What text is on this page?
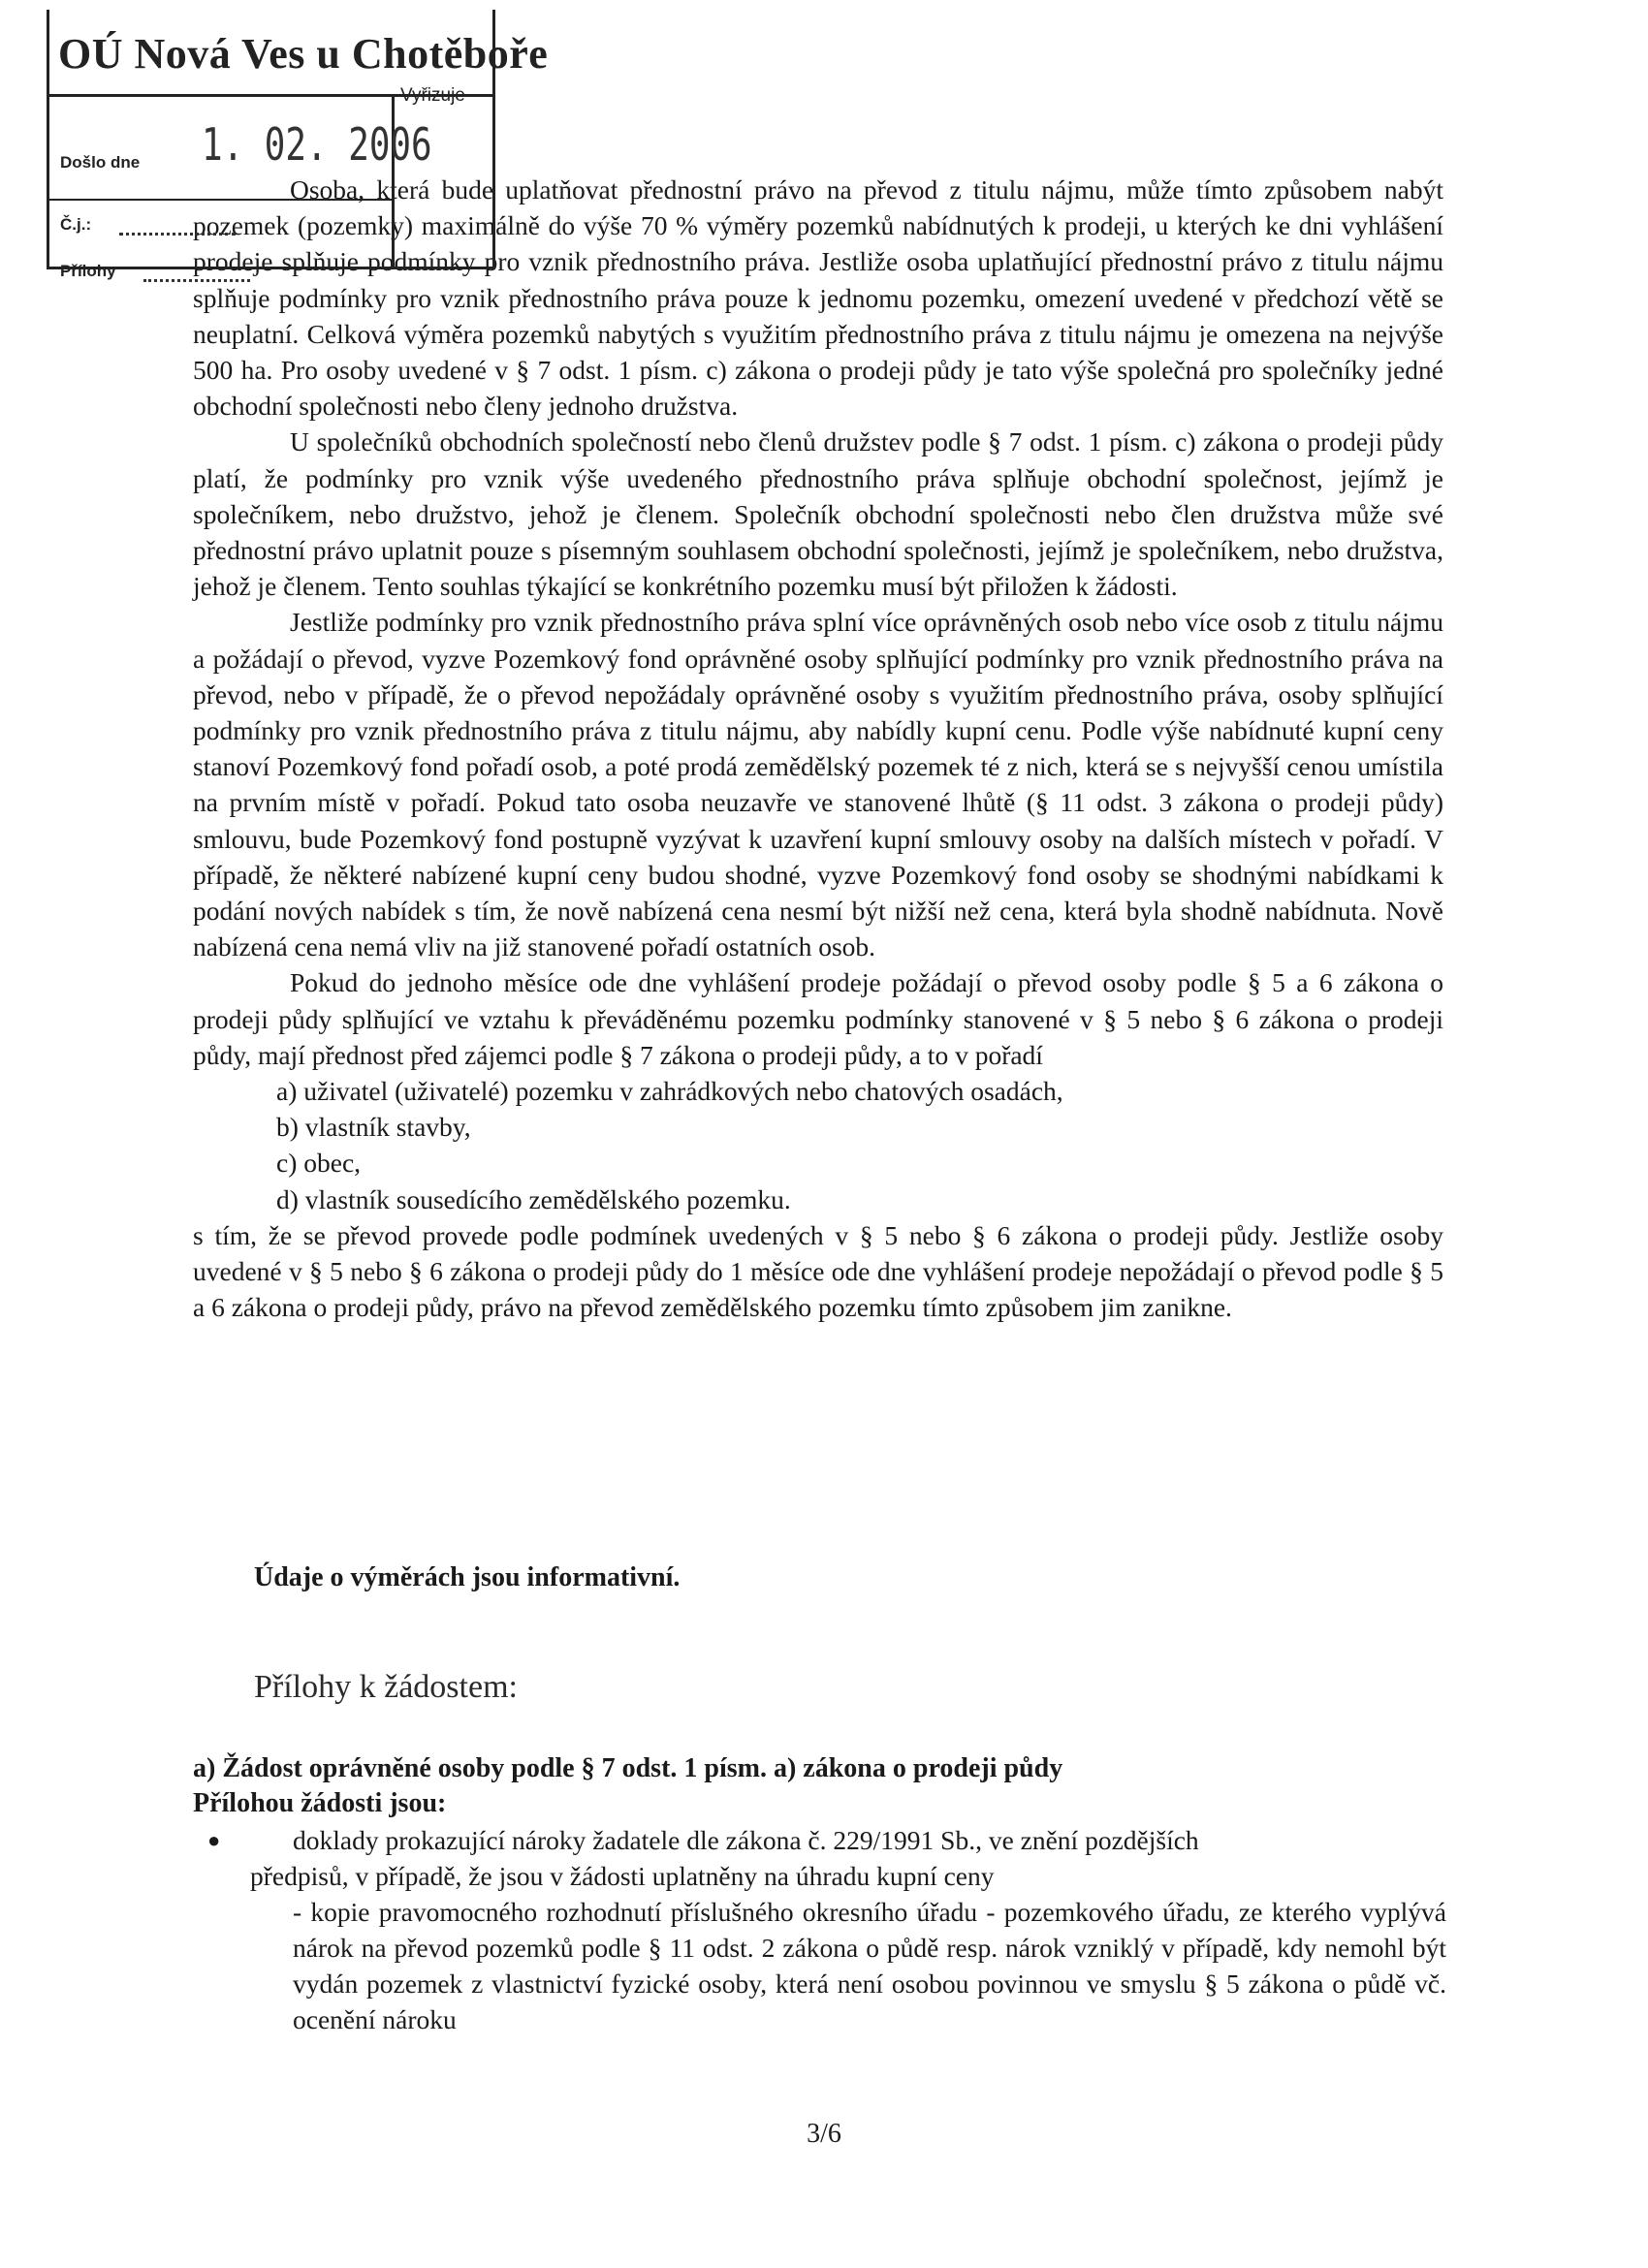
OÚ Nová Ves u Chotěboře
Vyřizuje
Došlo dne 1. 02. 2006
Č.j.:
Přílohy

Osoba, která bude uplatňovat přednostní právo na převod z titulu nájmu, může tímto způsobem nabýt pozemek (pozemky) maximálně do výše 70 % výměry pozemků nabídnutých k prodeji, u kterých ke dni vyhlášení prodeje splňuje podmínky pro vznik přednostního práva. Jestliže osoba uplatňující přednostní právo z titulu nájmu splňuje podmínky pro vznik přednostního práva pouze k jednomu pozemku, omezení uvedené v předchozí větě se neuplatní. Celková výměra pozemků nabytých s využitím přednostního práva z titulu nájmu je omezena na nejvýše 500 ha. Pro osoby uvedené v § 7 odst. 1 písm. c) zákona o prodeji půdy je tato výše společná pro společníky jedné obchodní společnosti nebo členy jednoho družstva.

U společníků obchodních společností nebo členů družstev podle § 7 odst. 1 písm. c) zákona o prodeji půdy platí, že podmínky pro vznik výše uvedeného přednostního práva splňuje obchodní společnost, jejímž je společníkem, nebo družstvo, jehož je členem. Společník obchodní společnosti nebo člen družstva může své přednostní právo uplatnit pouze s písemným souhlasem obchodní společnosti, jejímž je společníkem, nebo družstva, jehož je členem. Tento souhlas týkající se konkrétního pozemku musí být přiložen k žádosti.

Jestliže podmínky pro vznik přednostního práva splní více oprávněných osob nebo více osob z titulu nájmu a požádají o převod, vyzve Pozemkový fond oprávněné osoby splňující podmínky pro vznik přednostního práva na převod, nebo v případě, že o převod nepožádaly oprávněné osoby s využitím přednostního práva, osoby splňující podmínky pro vznik přednostního práva z titulu nájmu, aby nabídly kupní cenu. Podle výše nabídnuté kupní ceny stanoví Pozemkový fond pořadí osob, a poté prodá zemědělský pozemek té z nich, která se s nejvyšší cenou umístila na prvním místě v pořadí. Pokud tato osoba neuzavře ve stanovené lhůtě (§ 11 odst. 3 zákona o prodeji půdy) smlouvu, bude Pozemkový fond postupně vyzývat k uzavření kupní smlouvy osoby na dalších místech v pořadí. V případě, že některé nabízené kupní ceny budou shodné, vyzve Pozemkový fond osoby se shodnými nabídkami k podání nových nabídek s tím, že nově nabízená cena nesmí být nižší než cena, která byla shodně nabídnuta. Nově nabízená cena nemá vliv na již stanovené pořadí ostatních osob.

Pokud do jednoho měsíce ode dne vyhlášení prodeje požádají o převod osoby podle § 5 a 6 zákona o prodeji půdy splňující ve vztahu k převáděnému pozemku podmínky stanovené v § 5 nebo § 6 zákona o prodeji půdy, mají přednost před zájemci podle § 7 zákona o prodeji půdy, a to v pořadí

a) uživatel (uživatelé) pozemku v zahrádkových nebo chatových osadách,

b) vlastník stavby,

c) obec,

d) vlastník sousedícího zemědělského pozemku.

s tím, že se převod provede podle podmínek uvedených v § 5 nebo § 6 zákona o prodeji půdy. Jestliže osoby uvedené v § 5 nebo § 6 zákona o prodeji půdy do 1 měsíce ode dne vyhlášení prodeje nepožádají o převod podle § 5 a 6 zákona o prodeji půdy, právo na převod zemědělského pozemku tímto způsobem jim zanikne.

Údaje o výměrách jsou informativní.
Přílohy k žádostem:
a) Žádost oprávněné osoby podle § 7 odst. 1 písm. a) zákona o prodeji půdy
Přílohou žádosti jsou:
●	doklady prokazující nároky žadatele dle zákona č. 229/1991 Sb., ve znění pozdějších
předpisů, v případě, že jsou v žádosti uplatněny na úhradu kupní ceny
- kopie pravomocného rozhodnutí příslušného okresního úřadu - pozemkového úřadu, ze kterého vyplývá nárok na převod pozemků podle § 11 odst. 2 zákona o půdě resp. nárok vzniklý v případě, kdy nemohl být vydán pozemek z vlastnictví fyzické osoby, která není osobou povinnou ve smyslu § 5 zákona o půdě vč. ocenění nároku
3/6
